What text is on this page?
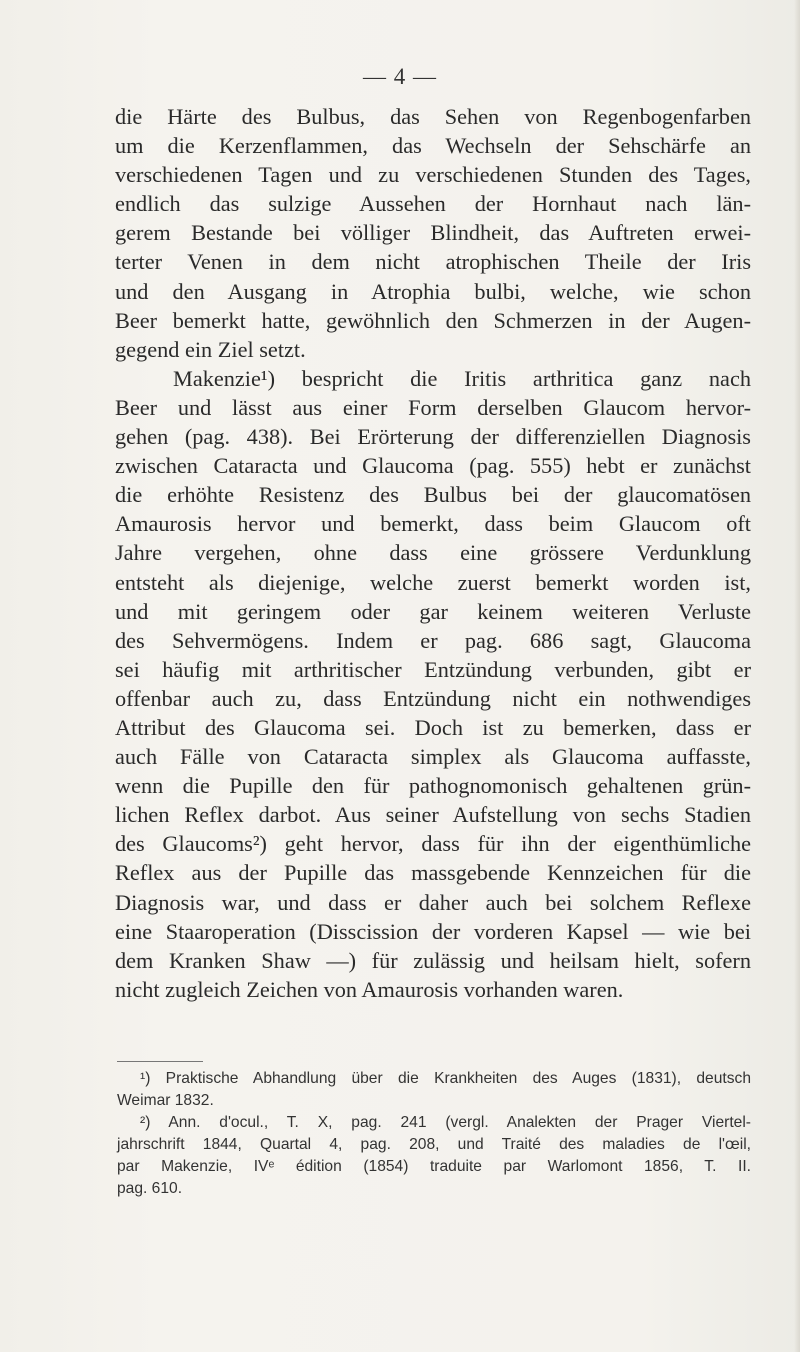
— 4 —
die Härte des Bulbus, das Sehen von Regenbogenfarben
um die Kerzenflammen, das Wechseln der Sehschärfe an
verschiedenen Tagen und zu verschiedenen Stunden des Tages,
endlich das sulzige Aussehen der Hornhaut nach län-
gerem Bestande bei völliger Blindheit, das Auftreten erwei-
terter Venen in dem nicht atrophischen Theile der Iris
und den Ausgang in Atrophia bulbi, welche, wie schon
Beer bemerkt hatte, gewöhnlich den Schmerzen in der Augen-
gegend ein Ziel setzt.
Makenzie¹) bespricht die Iritis arthritica ganz nach
Beer und lässt aus einer Form derselben Glaucom hervor-
gehen (pag. 438). Bei Erörterung der differenziellen Diagnosis
zwischen Cataracta und Glaucoma (pag. 555) hebt er zunächst
die erhöhte Resistenz des Bulbus bei der glaucomatösen
Amaurosis hervor und bemerkt, dass beim Glaucom oft
Jahre vergehen, ohne dass eine grössere Verdunklung
entsteht als diejenige, welche zuerst bemerkt worden ist,
und mit geringem oder gar keinem weiteren Verluste
des Sehvermögens. Indem er pag. 686 sagt, Glaucoma
sei häufig mit arthritischer Entzündung verbunden, gibt er
offenbar auch zu, dass Entzündung nicht ein nothwendiges
Attribut des Glaucoma sei. Doch ist zu bemerken, dass er
auch Fälle von Cataracta simplex als Glaucoma auffasste,
wenn die Pupille den für pathognomonisch gehaltenen grün-
lichen Reflex darbot. Aus seiner Aufstellung von sechs Stadien
des Glaucoms²) geht hervor, dass für ihn der eigenthümliche
Reflex aus der Pupille das massgebende Kennzeichen für die
Diagnosis war, und dass er daher auch bei solchem Reflexe
eine Staaroperation (Disscission der vorderen Kapsel — wie bei
dem Kranken Shaw —) für zulässig und heilsam hielt, sofern
nicht zugleich Zeichen von Amaurosis vorhanden waren.
¹) Praktische Abhandlung über die Krankheiten des Auges (1831), deutsch
Weimar 1832.
²) Ann. d'ocul., T. X, pag. 241 (vergl. Analekten der Prager Viertel-
jahrschrift 1844, Quartal 4, pag. 208, und Traité des maladies de l'œil,
par Makenzie, IVᵉ édition (1854) traduite par Warlomont 1856, T. II.
pag. 610.
